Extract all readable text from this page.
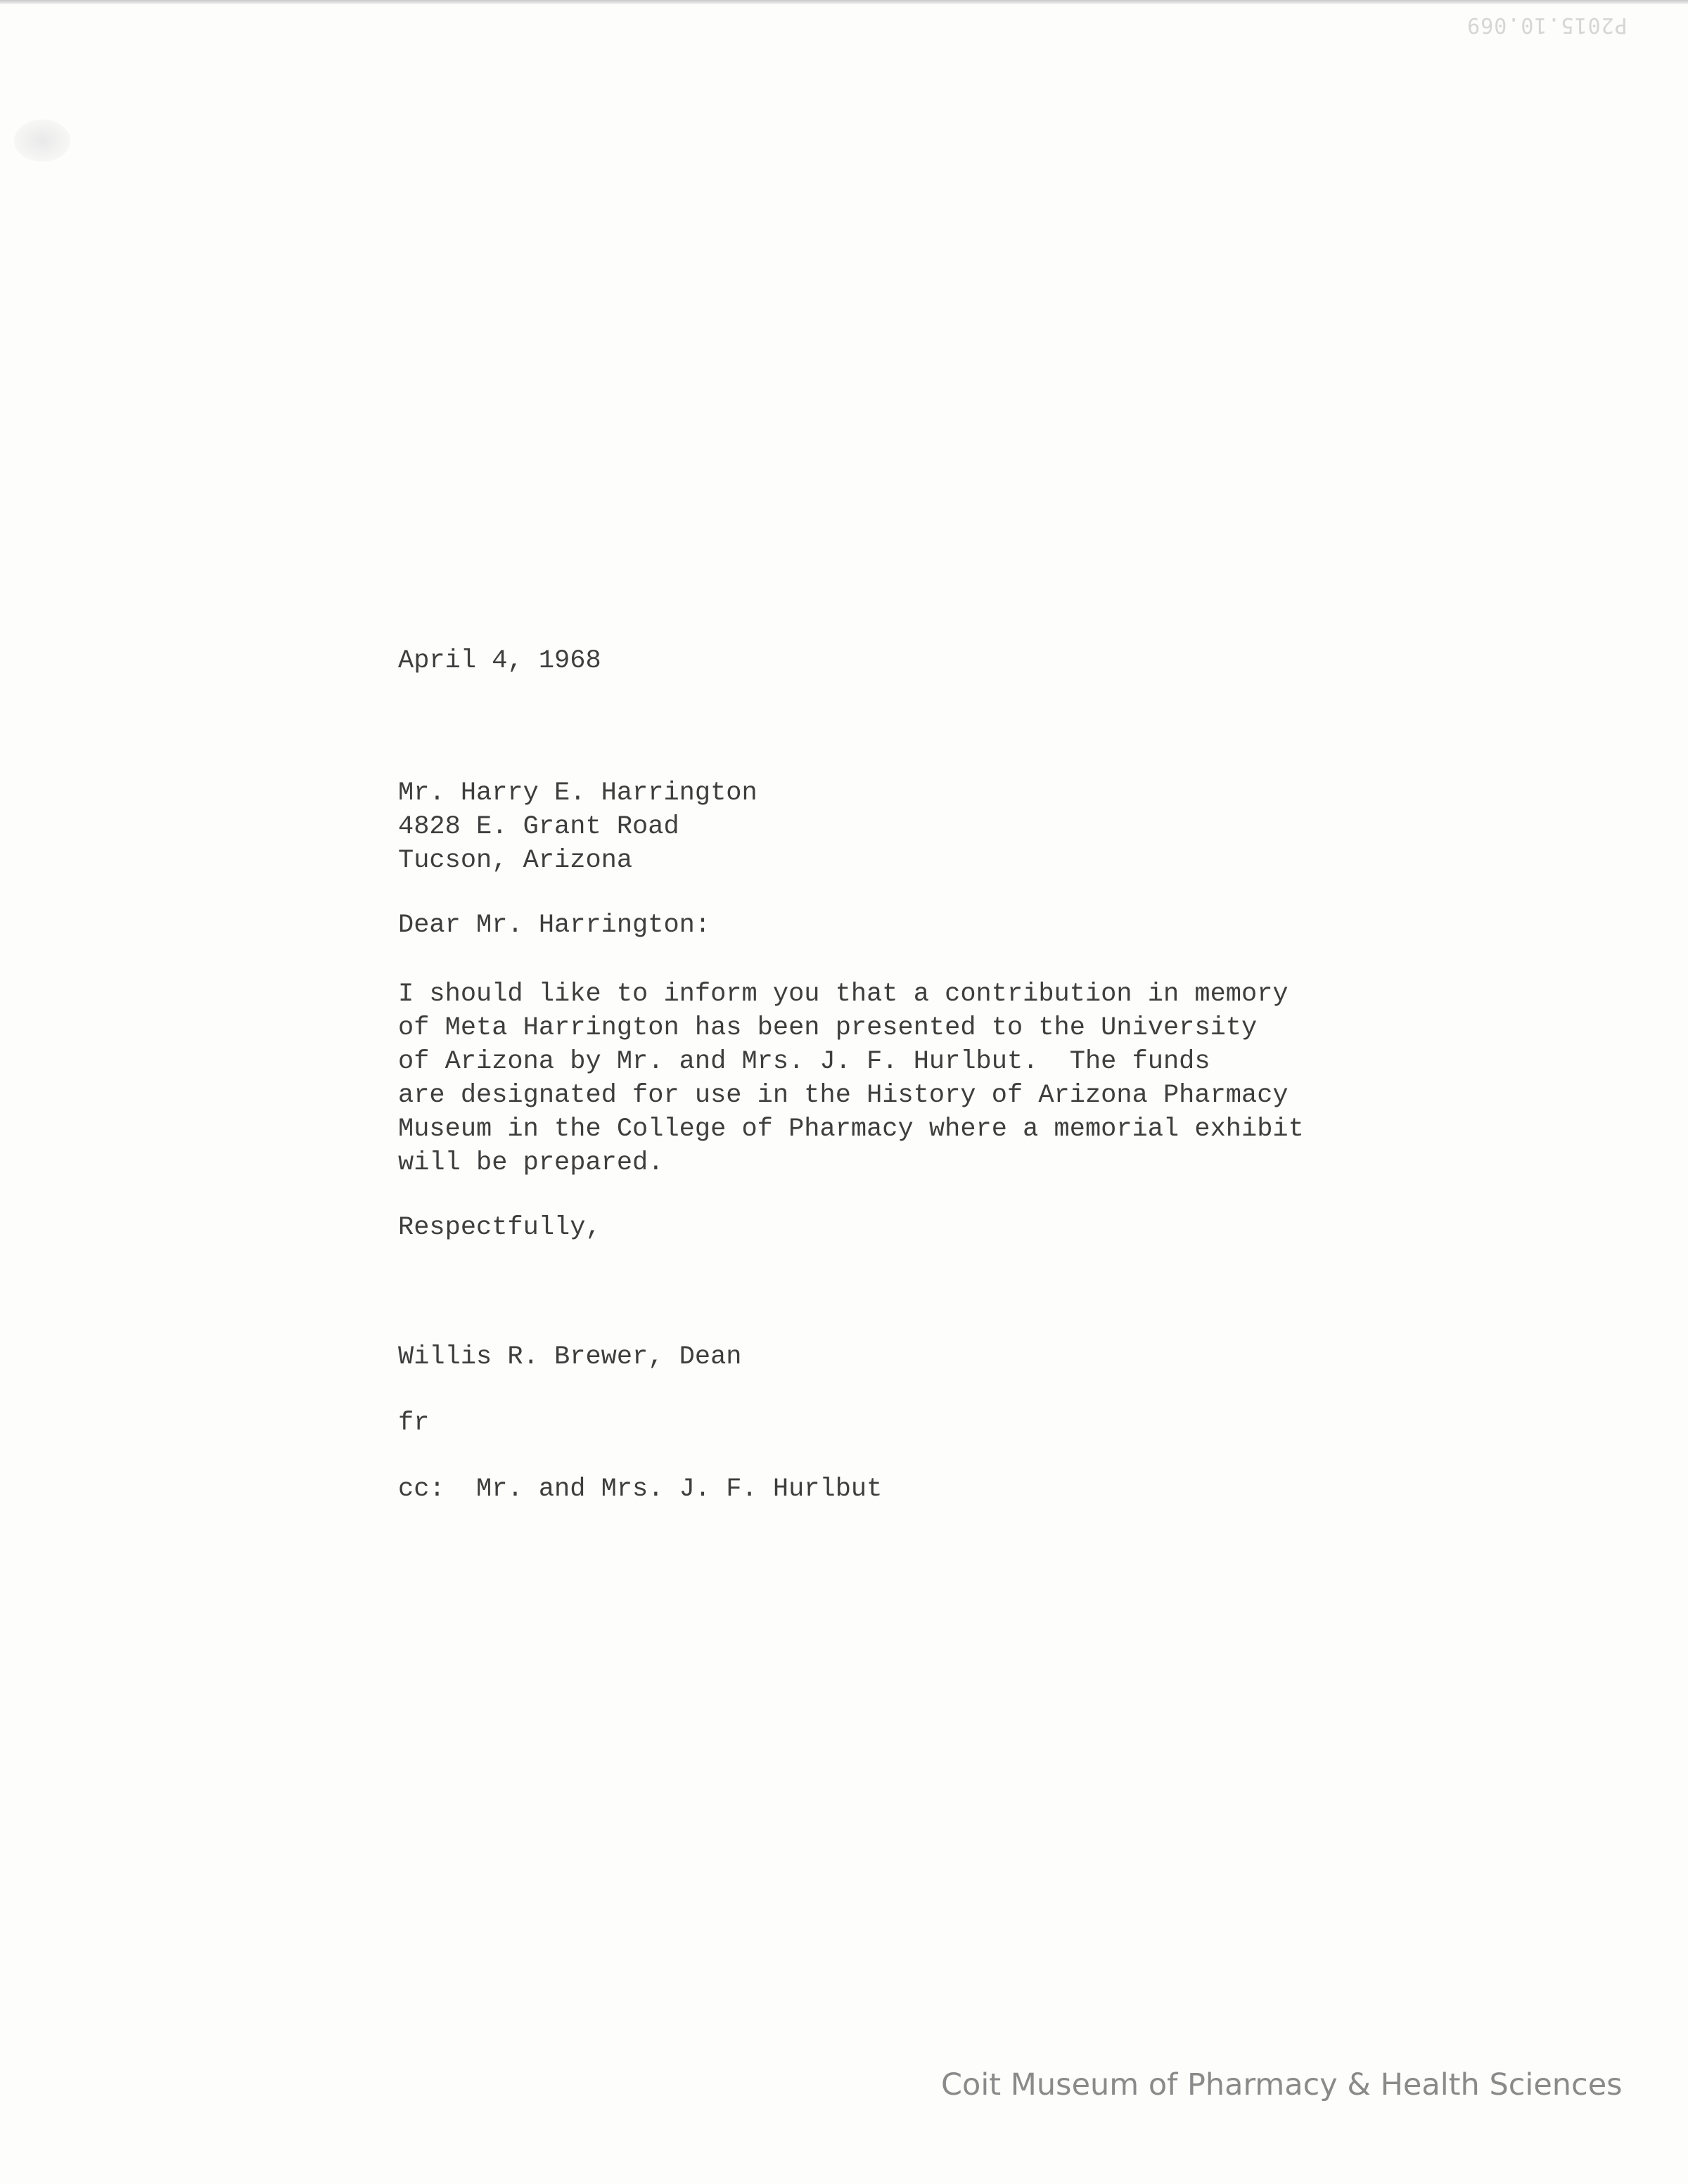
P2015.10.069

April 4, 1968

Mr. Harry E. Harrington

4828 E. Grant Road

Tucson, Arizona

Dear Mr. Harrington:

I should like to inform you that a contribution in memory

of Meta Harrington has been presented to the University

of Arizona by Mr. and Mrs. J. F. Hurlbut.  The funds

are designated for use in the History of Arizona Pharmacy

Museum in the College of Pharmacy where a memorial exhibit

will be prepared.

Respectfully,

Willis R. Brewer, Dean

fr

cc:  Mr. and Mrs. J. F. Hurlbut

Coit Museum of Pharmacy & Health Sciences
